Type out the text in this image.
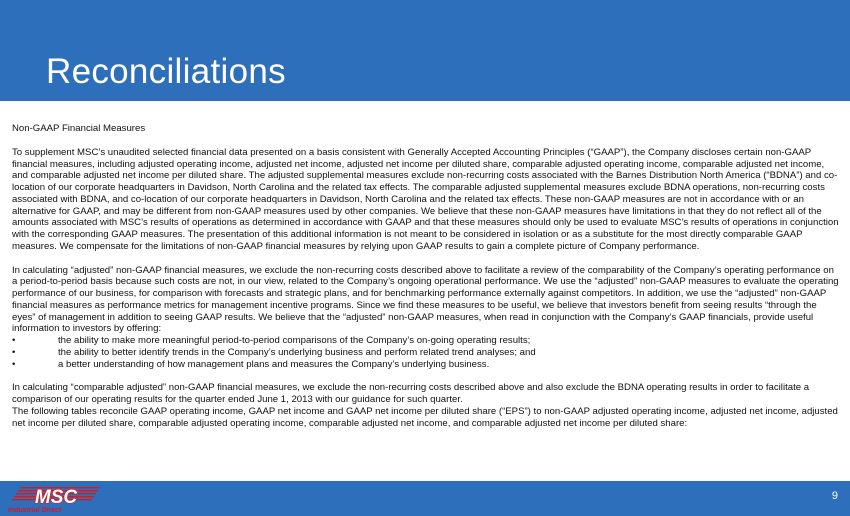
Reconciliations

Non-GAAP Financial Measures

To supplement MSC’s unaudited selected financial data presented on a basis consistent with Generally Accepted Accounting Principles (“GAAP”), the Company discloses certain non-GAAP financial measures, including adjusted operating income, adjusted net income, adjusted net income per diluted share, comparable adjusted operating income, comparable adjusted net income, and comparable adjusted net income per diluted share. The adjusted supplemental measures exclude non-recurring costs associated with the Barnes Distribution North America (“BDNA”) and co-location of our corporate headquarters in Davidson, North Carolina and the related tax effects. The comparable adjusted supplemental measures exclude BDNA operations, non-recurring costs associated with BDNA, and co-location of our corporate headquarters in Davidson, North Carolina and the related tax effects. These non-GAAP measures are not in accordance with or an alternative for GAAP, and may be different from non-GAAP measures used by other companies. We believe that these non-GAAP measures have limitations in that they do not reflect all of the amounts associated with MSC’s results of operations as determined in accordance with GAAP and that these measures should only be used to evaluate MSC’s results of operations in conjunction with the corresponding GAAP measures. The presentation of this additional information is not meant to be considered in isolation or as a substitute for the most directly comparable GAAP measures. We compensate for the limitations of non-GAAP financial measures by relying upon GAAP results to gain a complete picture of Company performance.

In calculating “adjusted” non-GAAP financial measures, we exclude the non-recurring costs described above to facilitate a review of the comparability of the Company’s operating performance on a period-to-period basis because such costs are not, in our view, related to the Company’s ongoing operational performance. We use the “adjusted” non-GAAP measures to evaluate the operating performance of our business, for comparison with forecasts and strategic plans, and for benchmarking performance externally against competitors. In addition, we use the “adjusted” non-GAAP financial measures as performance metrics for management incentive programs. Since we find these measures to be useful, we believe that investors benefit from seeing results “through the eyes” of management in addition to seeing GAAP results. We believe that the “adjusted” non-GAAP measures, when read in conjunction with the Company’s GAAP financials, provide useful information to investors by offering:

•	the ability to make more meaningful period-to-period comparisons of the Company’s on-going operating results;
•	the ability to better identify trends in the Company’s underlying business and perform related trend analyses; and
•	a better understanding of how management plans and measures the Company’s underlying business.

In calculating “comparable adjusted” non-GAAP financial measures, we exclude the non-recurring costs described above and also exclude the BDNA operating results in order to facilitate a comparison of our operating results for the quarter ended June 1, 2013 with our guidance for such quarter.

The following tables reconcile GAAP operating income, GAAP net income and GAAP net income per diluted share (“EPS”) to non-GAAP adjusted operating income, adjusted net income, adjusted net income per diluted share, comparable adjusted operating income, comparable adjusted net income, and comparable adjusted net income per diluted share:

MSC
Industrial Direct
9
